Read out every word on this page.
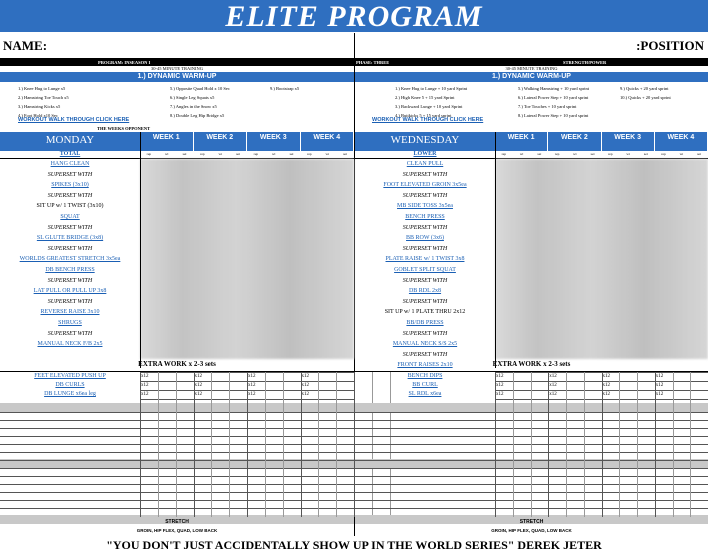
ELITE PROGRAM
NAME:	:POSITION
PROGRAM: INSEASON I	PHASE: THREE	STRENGTH/POWER
30-45 MINUTE TRAINING
1.) DYNAMIC WARM-UP
1.) Knee Hug to Lunge x5
2.) Hamstring Toe Touch x5
3.) Hamstring Kicks x5
4.) Foot Hold x10 Sec
5.) Opposite Quad Hold x 10 Sec
6.) Single Leg Squats x5
7.) Angles in the Snow x5
8.) Double Leg Hip Bridge x5
9.) Bootstrap x5
30-45 MINUTE TRAINING
1.) DYNAMIC WARM-UP
1.) Knee Hug to Lunge + 10 yard Sprint
2.) High Knee 5 + 15 yard Sprint
3.) Backward Lunge + 10 yard Sprint
4.) Buttkicks 5 + 15 yard sprint
5.) Walking Hamstring + 10 yard sprint
6.) Lateral Power Step + 10 yard sprint
7.) Toe Touches + 10 yard sprint
8.) Lateral Power Step + 10 yard sprint
9.) Quicks + 20 yard sprint
10.) Quicks + 20 yard sprint
WORKOUT WALK THROUGH CLICK HERE	WORKOUT WALK THROUGH CLICK HERE
THE WEEKS OPPONENT
MONDAY	WEEK 1
rep	wt	set
WEEK 2
rep	wt	set
WEEK 3
rep	wt	set
WEEK 4
rep	wt	set
TOTAL
HANG CLEAN
SUPERSET WITH
SPIKES (3x10)
SUPERSET WITH
SIT UP w/ 1 TWIST (3x10)
SQUAT
SUPERSET WITH
SL GLUTE BRIDGE (3x8)
SUPERSET WITH
WORLDS GREATEST STRETCH 3x5ea
DB BENCH PRESS
SUPERSET WITH
LAT PULL OR PULL UP 3x8
SUPERSET WITH
REVERSE RAISE 3x10
SHRUGS
SUPERSET WITH
MANUAL NECK F/B 2x5
WEDNESDAY	WEEK 1
rep	wt	set
WEEK 2
rep	wt	set
WEEK 3
rep	wt	set
WEEK 4
rep	wt	set
LOWER
CLEAN PULL
SUPERSET WITH
FOOT ELEVATED GROIN 3x5ea
SUPERSET WITH
MB SIDE TOSS 3x5ea
BENCH PRESS
SUPERSET WITH
BB ROW (3x6)
SUPERSET WITH
PLATE RAISE w/ 1 TWIST 3x8
GOBLET SPLIT SQUAT
SUPERSET WITH
DB RDL 2x8
SUPERSET WITH
SIT UP w/ 1 PLATE THRU 2x12
BB/DB PRESS
SUPERSET WITH
MANUAL NECK S/S 2x5
SUPERSET WITH
FRONT RAISES 2x10
EXTRA WORK x 2-3 sets
FEET ELEVATED PUSH UP	x12	x12	x12	x12
DB CURLS	x12	x12	x12	x12
DB LUNGE x6ea leg	x12	x12	x12	x12
EXTRA WORK x 2-3 sets
BENCH DIPS	x12	x12	x12	x12
BB CURL	x12	x12	x12	x12
SL RDL x6ea	x12	x12	x12	x12
STRETCH	STRETCH
GROIN, HIP FLEX, QUAD, LOW BACK	GROIN, HIP FLEX, QUAD, LOW BACK
"YOU DON'T JUST ACCIDENTALLY SHOW UP IN THE WORLD SERIES" DEREK JETER
